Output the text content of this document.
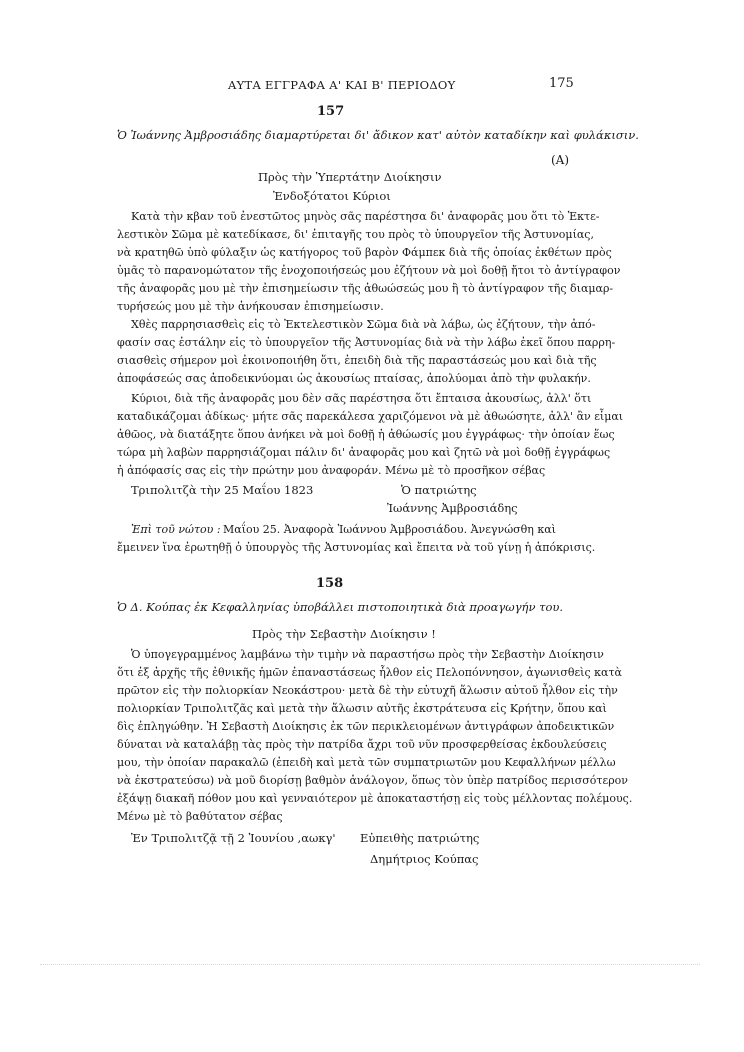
ΑΥΤΑ ΕΓΓΡΑΦΑ Α' ΚΑΙ Β' ΠΕΡΙΟΔΟΥ	175
157
Ὁ Ἰωάννης Ἀμβροσιάδης διαμαρτύρεται δι' ἄδικον κατ' αὐτὸν καταδίκην καὶ φυλάκισιν.
(Α)
Πρὸς τὴν Ὑπερτάτην Διοίκησιν
Ἐνδοξότατοι Κύριοι
Κατὰ τὴν κβαν τοῦ ἐνεστῶτος μηνὸς σᾶς παρέστησα δι' ἀναφορᾶς μου ὅτι τὸ Ἐκτε-
λεστικὸν Σῶμα μὲ κατεδίκασε, δι' ἐπιταγῆς του πρὸς τὸ ὑπουργεῖον τῆς Ἀστυνομίας,
νὰ κρατηθῶ ὑπὸ φύλαξιν ὡς κατήγορος τοῦ βαρὸν Φάμπεκ διὰ τῆς ὁποίας ἐκθέτων πρὸς
ὑμᾶς τὸ παρανομώτατον τῆς ἐνοχοποιήσεώς μου ἐζήτουν νὰ μοὶ δοθῇ ἤτοι τὸ ἀντίγραφον
τῆς ἀναφορᾶς μου μὲ τὴν ἐπισημείωσιν τῆς ἀθωώσεώς μου ἢ τὸ ἀντίγραφον τῆς διαμαρ-
τυρήσεώς μου μὲ τὴν ἀνήκουσαν ἐπισημείωσιν.
Χθὲς παρρησιασθεὶς εἰς τὸ Ἐκτελεστικὸν Σῶμα διὰ νὰ λάβω, ὡς ἐζήτουν, τὴν ἀπό-
φασίν σας ἐστάλην εἰς τὸ ὑπουργεῖον τῆς Ἀστυνομίας διὰ νὰ τὴν λάβω ἐκεῖ ὅπου παρρη-
σιασθεὶς σήμερον μοὶ ἐκοινοποιήθη ὅτι, ἐπειδὴ διὰ τῆς παραστάσεώς μου καὶ διὰ τῆς
ἀποφάσεώς σας ἀποδεικνύομαι ὡς ἀκουσίως πταίσας, ἀπολύομαι ἀπὸ τὴν φυλακήν.
Κύριοι, διὰ τῆς ἀναφορᾶς μου δὲν σᾶς παρέστησα ὅτι ἔπταισα ἀκουσίως, ἀλλ' ὅτι
καταδικάζομαι ἀδίκως· μήτε σᾶς παρεκάλεσα χαριζόμενοι νὰ μὲ ἀθωώσητε, ἀλλ' ἂν εἶμαι
ἀθῶος, νὰ διατάξητε ὅπου ἀνήκει νὰ μοὶ δοθῇ ἡ ἀθώωσίς μου ἐγγράφως· τὴν ὁποίαν ἕως
τώρα μὴ λαβὼν παρρησιάζομαι πάλιν δι' ἀναφορᾶς μου καὶ ζητῶ νὰ μοὶ δοθῇ ἐγγράφως
ἡ ἀπόφασίς σας εἰς τὴν πρώτην μου ἀναφοράν. Μένω μὲ τὸ προσῆκον σέβας
Τριπολιτζὰ τὴν 25 Μαΐου 1823	Ὁ πατριώτης
Ἰωάννης Ἀμβροσιάδης
Ἐπὶ τοῦ νώτου : Μαΐου 25. Ἀναφορὰ Ἰωάννου Ἀμβροσιάδου. Ἀνεγνώσθη καὶ
ἔμεινεν ἵνα ἐρωτηθῇ ὁ ὑπουργὸς τῆς Ἀστυνομίας καὶ ἔπειτα νὰ τοῦ γίνῃ ἡ ἀπόκρισις.
158
Ὁ Δ. Κούπας ἐκ Κεφαλληνίας ὑποβάλλει πιστοποιητικὰ διὰ προαγωγήν του.
Πρὸς τὴν Σεβαστὴν Διοίκησιν !
Ὁ ὑπογεγραμμένος λαμβάνω τὴν τιμὴν νὰ παραστήσω πρὸς τὴν Σεβαστὴν Διοίκησιν
ὅτι ἐξ ἀρχῆς τῆς ἐθνικῆς ἡμῶν ἐπαναστάσεως ἦλθον εἰς Πελοπόννησον, ἀγωνισθεὶς κατὰ
πρῶτον εἰς τὴν πολιορκίαν Νεοκάστρου· μετὰ δὲ τὴν εὐτυχῆ ἅλωσιν αὐτοῦ ἦλθον εἰς τὴν
πολιορκίαν Τριπολιτζᾶς καὶ μετὰ τὴν ἅλωσιν αὐτῆς ἐκστράτευσα εἰς Κρήτην, ὅπου καὶ
δὶς ἐπληγώθην. Ἡ Σεβαστὴ Διοίκησις ἐκ τῶν περικλειομένων ἀντιγράφων ἀποδεικτικῶν
δύναται νὰ καταλάβῃ τὰς πρὸς τὴν πατρίδα ἄχρι τοῦ νῦν προσφερθείσας ἐκδουλεύσεις
μου, τὴν ὁποίαν παρακαλῶ (ἐπειδὴ καὶ μετὰ τῶν συμπατριωτῶν μου Κεφαλλήνων μέλλω
νὰ ἐκστρατεύσω) νὰ μοῦ διορίσῃ βαθμὸν ἀνάλογον, ὅπως τὸν ὑπὲρ πατρίδος περισσότερον
ἐξάψῃ διακαῆ πόθον μου καὶ γενναιότερον μὲ ἀποκαταστήσῃ εἰς τοὺς μέλλοντας πολέμους.
Μένω μὲ τὸ βαθύτατον σέβας
Ἐν Τριπολιτζᾷ τῇ 2 Ἰουνίου ,αωκγ' Εὐπειθὴς πατριώτης
Δημήτριος Κούπας
